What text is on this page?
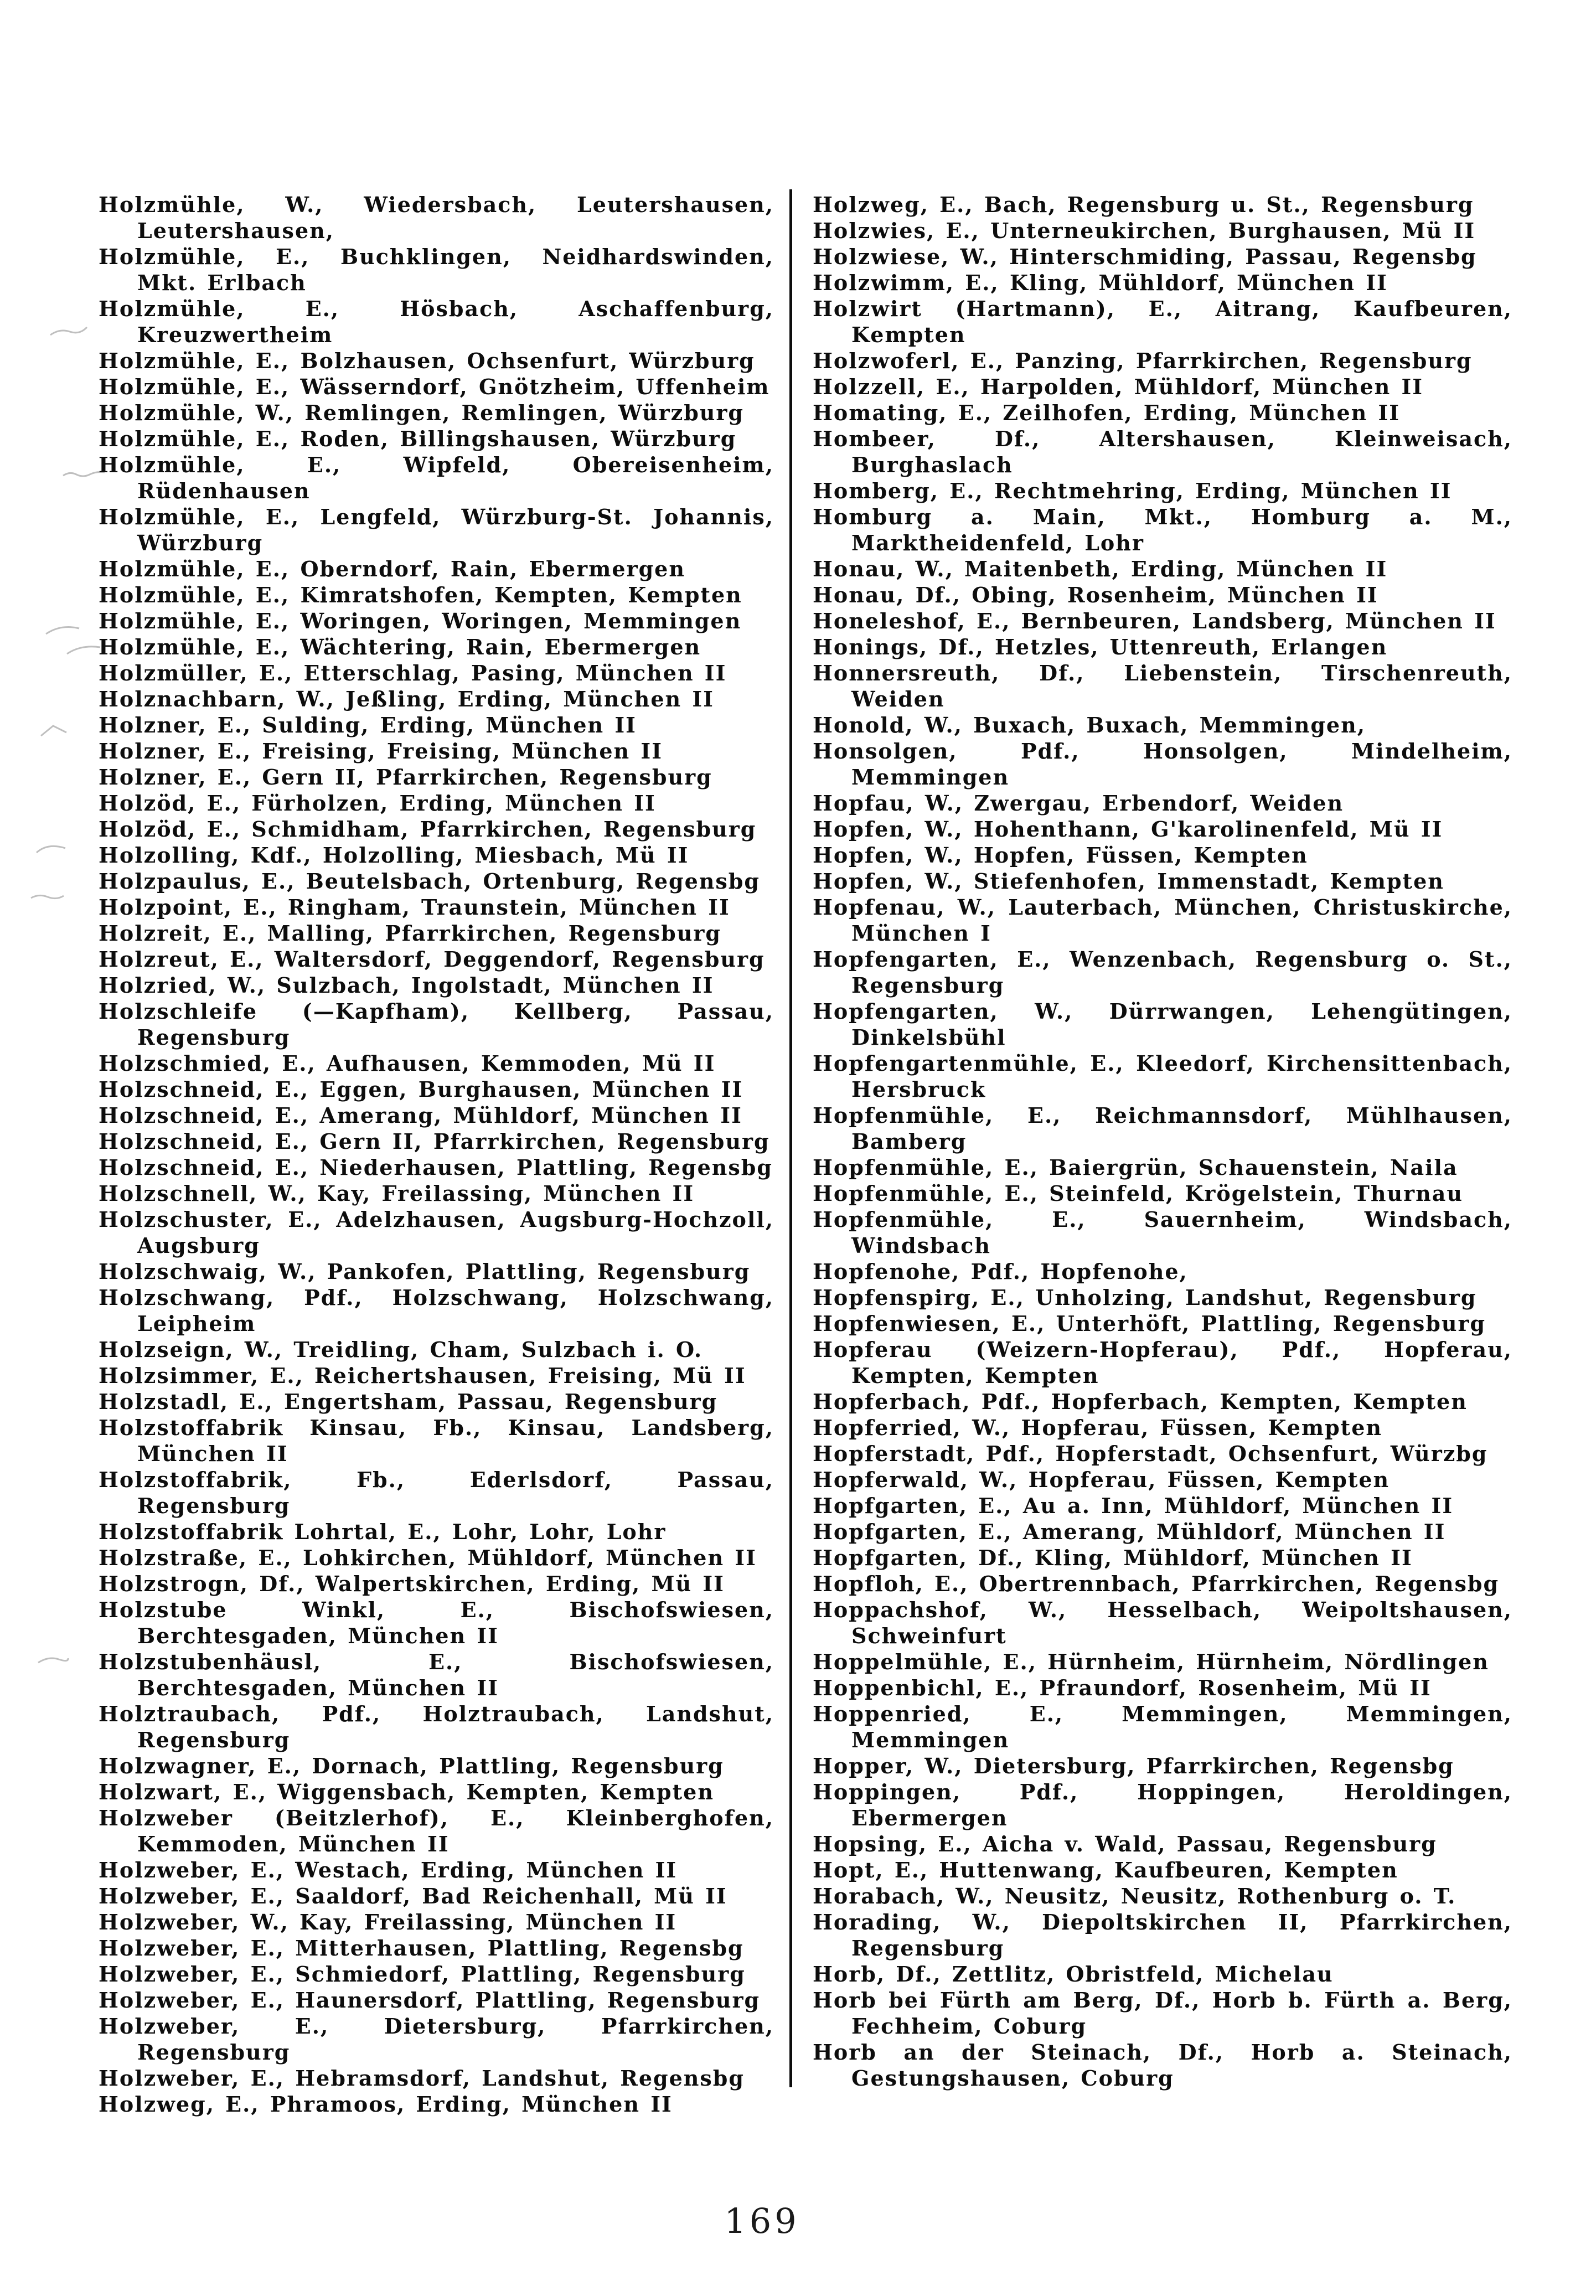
Holzmühle, W., Wiedersbach, Leutershausen, Leutershausen,

Holzmühle, E., Buchklingen, Neidhardswinden, Mkt. Erlbach

Holzmühle, E., Hösbach, Aschaffenburg, Kreuzwertheim

Holzmühle, E., Bolzhausen, Ochsenfurt, Würzburg

Holzmühle, E., Wässerndorf, Gnötzheim, Uffenheim

Holzmühle, W., Remlingen, Remlingen, Würzburg

Holzmühle, E., Roden, Billingshausen, Würzburg

Holzmühle, E., Wipfeld, Obereisenheim, Rüdenhausen

Holzmühle, E., Lengfeld, Würzburg-St. Johannis, Würzburg

Holzmühle, E., Oberndorf, Rain, Ebermergen

Holzmühle, E., Kimratshofen, Kempten, Kempten

Holzmühle, E., Woringen, Woringen, Memmingen

Holzmühle, E., Wächtering, Rain, Ebermergen

Holzmüller, E., Etterschlag, Pasing, München II

Holznachbarn, W., Jeßling, Erding, München II

Holzner, E., Sulding, Erding, München II

Holzner, E., Freising, Freising, München II

Holzner, E., Gern II, Pfarrkirchen, Regensburg

Holzöd, E., Fürholzen, Erding, München II

Holzöd, E., Schmidham, Pfarrkirchen, Regensburg

Holzolling, Kdf., Holzolling, Miesbach, Mü II

Holzpaulus, E., Beutelsbach, Ortenburg, Regensbg

Holzpoint, E., Ringham, Traunstein, München II

Holzreit, E., Malling, Pfarrkirchen, Regensburg

Holzreut, E., Waltersdorf, Deggendorf, Regensburg

Holzried, W., Sulzbach, Ingolstadt, München II

Holzschleife (—Kapfham), Kellberg, Passau, Regensburg

Holzschmied, E., Aufhausen, Kemmoden, Mü II

Holzschneid, E., Eggen, Burghausen, München II

Holzschneid, E., Amerang, Mühldorf, München II

Holzschneid, E., Gern II, Pfarrkirchen, Regensburg

Holzschneid, E., Niederhausen, Plattling, Regensbg

Holzschnell, W., Kay, Freilassing, München II

Holzschuster, E., Adelzhausen, Augsburg-Hochzoll, Augsburg

Holzschwaig, W., Pankofen, Plattling, Regensburg

Holzschwang, Pdf., Holzschwang, Holzschwang, Leipheim

Holzseign, W., Treidling, Cham, Sulzbach i. O.

Holzsimmer, E., Reichertshausen, Freising, Mü II

Holzstadl, E., Engertsham, Passau, Regensburg

Holzstoffabrik Kinsau, Fb., Kinsau, Landsberg, München II

Holzstoffabrik, Fb., Ederlsdorf, Passau, Regensburg

Holzstoffabrik Lohrtal, E., Lohr, Lohr, Lohr

Holzstraße, E., Lohkirchen, Mühldorf, München II

Holzstrogn, Df., Walpertskirchen, Erding, Mü II

Holzstube Winkl, E., Bischofswiesen, Berchtesgaden, München II

Holzstubenhäusl, E., Bischofswiesen, Berchtesgaden, München II

Holztraubach, Pdf., Holztraubach, Landshut, Regensburg

Holzwagner, E., Dornach, Plattling, Regensburg

Holzwart, E., Wiggensbach, Kempten, Kempten

Holzweber (Beitzlerhof), E., Kleinberghofen, Kemmoden, München II

Holzweber, E., Westach, Erding, München II

Holzweber, E., Saaldorf, Bad Reichenhall, Mü II

Holzweber, W., Kay, Freilassing, München II

Holzweber, E., Mitterhausen, Plattling, Regensbg

Holzweber, E., Schmiedorf, Plattling, Regensburg

Holzweber, E., Haunersdorf, Plattling, Regensburg

Holzweber, E., Dietersburg, Pfarrkirchen, Regensburg

Holzweber, E., Hebramsdorf, Landshut, Regensbg

Holzweg, E., Phramoos, Erding, München II

Holzweg, E., Bach, Regensburg u. St., Regensburg

Holzwies, E., Unterneukirchen, Burghausen, Mü II

Holzwiese, W., Hinterschmiding, Passau, Regensbg

Holzwimm, E., Kling, Mühldorf, München II

Holzwirt (Hartmann), E., Aitrang, Kaufbeuren, Kempten

Holzwoferl, E., Panzing, Pfarrkirchen, Regensburg

Holzzell, E., Harpolden, Mühldorf, München II

Homating, E., Zeilhofen, Erding, München II

Hombeer, Df., Altershausen, Kleinweisach, Burghaslach

Homberg, E., Rechtmehring, Erding, München II

Homburg a. Main, Mkt., Homburg a. M., Marktheidenfeld, Lohr

Honau, W., Maitenbeth, Erding, München II

Honau, Df., Obing, Rosenheim, München II

Honeleshof, E., Bernbeuren, Landsberg, München II

Honings, Df., Hetzles, Uttenreuth, Erlangen

Honnersreuth, Df., Liebenstein, Tirschenreuth, Weiden

Honold, W., Buxach, Buxach, Memmingen,

Honsolgen, Pdf., Honsolgen, Mindelheim, Memmingen

Hopfau, W., Zwergau, Erbendorf, Weiden

Hopfen, W., Hohenthann, G'karolinenfeld, Mü II

Hopfen, W., Hopfen, Füssen, Kempten

Hopfen, W., Stiefenhofen, Immenstadt, Kempten

Hopfenau, W., Lauterbach, München, Christuskirche, München I

Hopfengarten, E., Wenzenbach, Regensburg o. St., Regensburg

Hopfengarten, W., Dürrwangen, Lehengütingen, Dinkelsbühl

Hopfengartenmühle, E., Kleedorf, Kirchensittenbach, Hersbruck

Hopfenmühle, E., Reichmannsdorf, Mühlhausen, Bamberg

Hopfenmühle, E., Baiergrün, Schauenstein, Naila

Hopfenmühle, E., Steinfeld, Krögelstein, Thurnau

Hopfenmühle, E., Sauernheim, Windsbach, Windsbach

Hopfenohe, Pdf., Hopfenohe,

Hopfenspirg, E., Unholzing, Landshut, Regensburg

Hopfenwiesen, E., Unterhöft, Plattling, Regensburg

Hopferau (Weizern-Hopferau), Pdf., Hopferau, Kempten, Kempten

Hopferbach, Pdf., Hopferbach, Kempten, Kempten

Hopferried, W., Hopferau, Füssen, Kempten

Hopferstadt, Pdf., Hopferstadt, Ochsenfurt, Würzbg

Hopferwald, W., Hopferau, Füssen, Kempten

Hopfgarten, E., Au a. Inn, Mühldorf, München II

Hopfgarten, E., Amerang, Mühldorf, München II

Hopfgarten, Df., Kling, Mühldorf, München II

Hopfloh, E., Obertrennbach, Pfarrkirchen, Regensbg

Hoppachshof, W., Hesselbach, Weipoltshausen, Schweinfurt

Hoppelmühle, E., Hürnheim, Hürnheim, Nördlingen

Hoppenbichl, E., Pfraundorf, Rosenheim, Mü II

Hoppenried, E., Memmingen, Memmingen, Memmingen

Hopper, W., Dietersburg, Pfarrkirchen, Regensbg

Hoppingen, Pdf., Hoppingen, Heroldingen, Ebermergen

Hopsing, E., Aicha v. Wald, Passau, Regensburg

Hopt, E., Huttenwang, Kaufbeuren, Kempten

Horabach, W., Neusitz, Neusitz, Rothenburg o. T.

Horading, W., Diepoltskirchen II, Pfarrkirchen, Regensburg

Horb, Df., Zettlitz, Obristfeld, Michelau

Horb bei Fürth am Berg, Df., Horb b. Fürth a. Berg, Fechheim, Coburg

Horb an der Steinach, Df., Horb a. Steinach, Gestungshausen, Coburg

169
